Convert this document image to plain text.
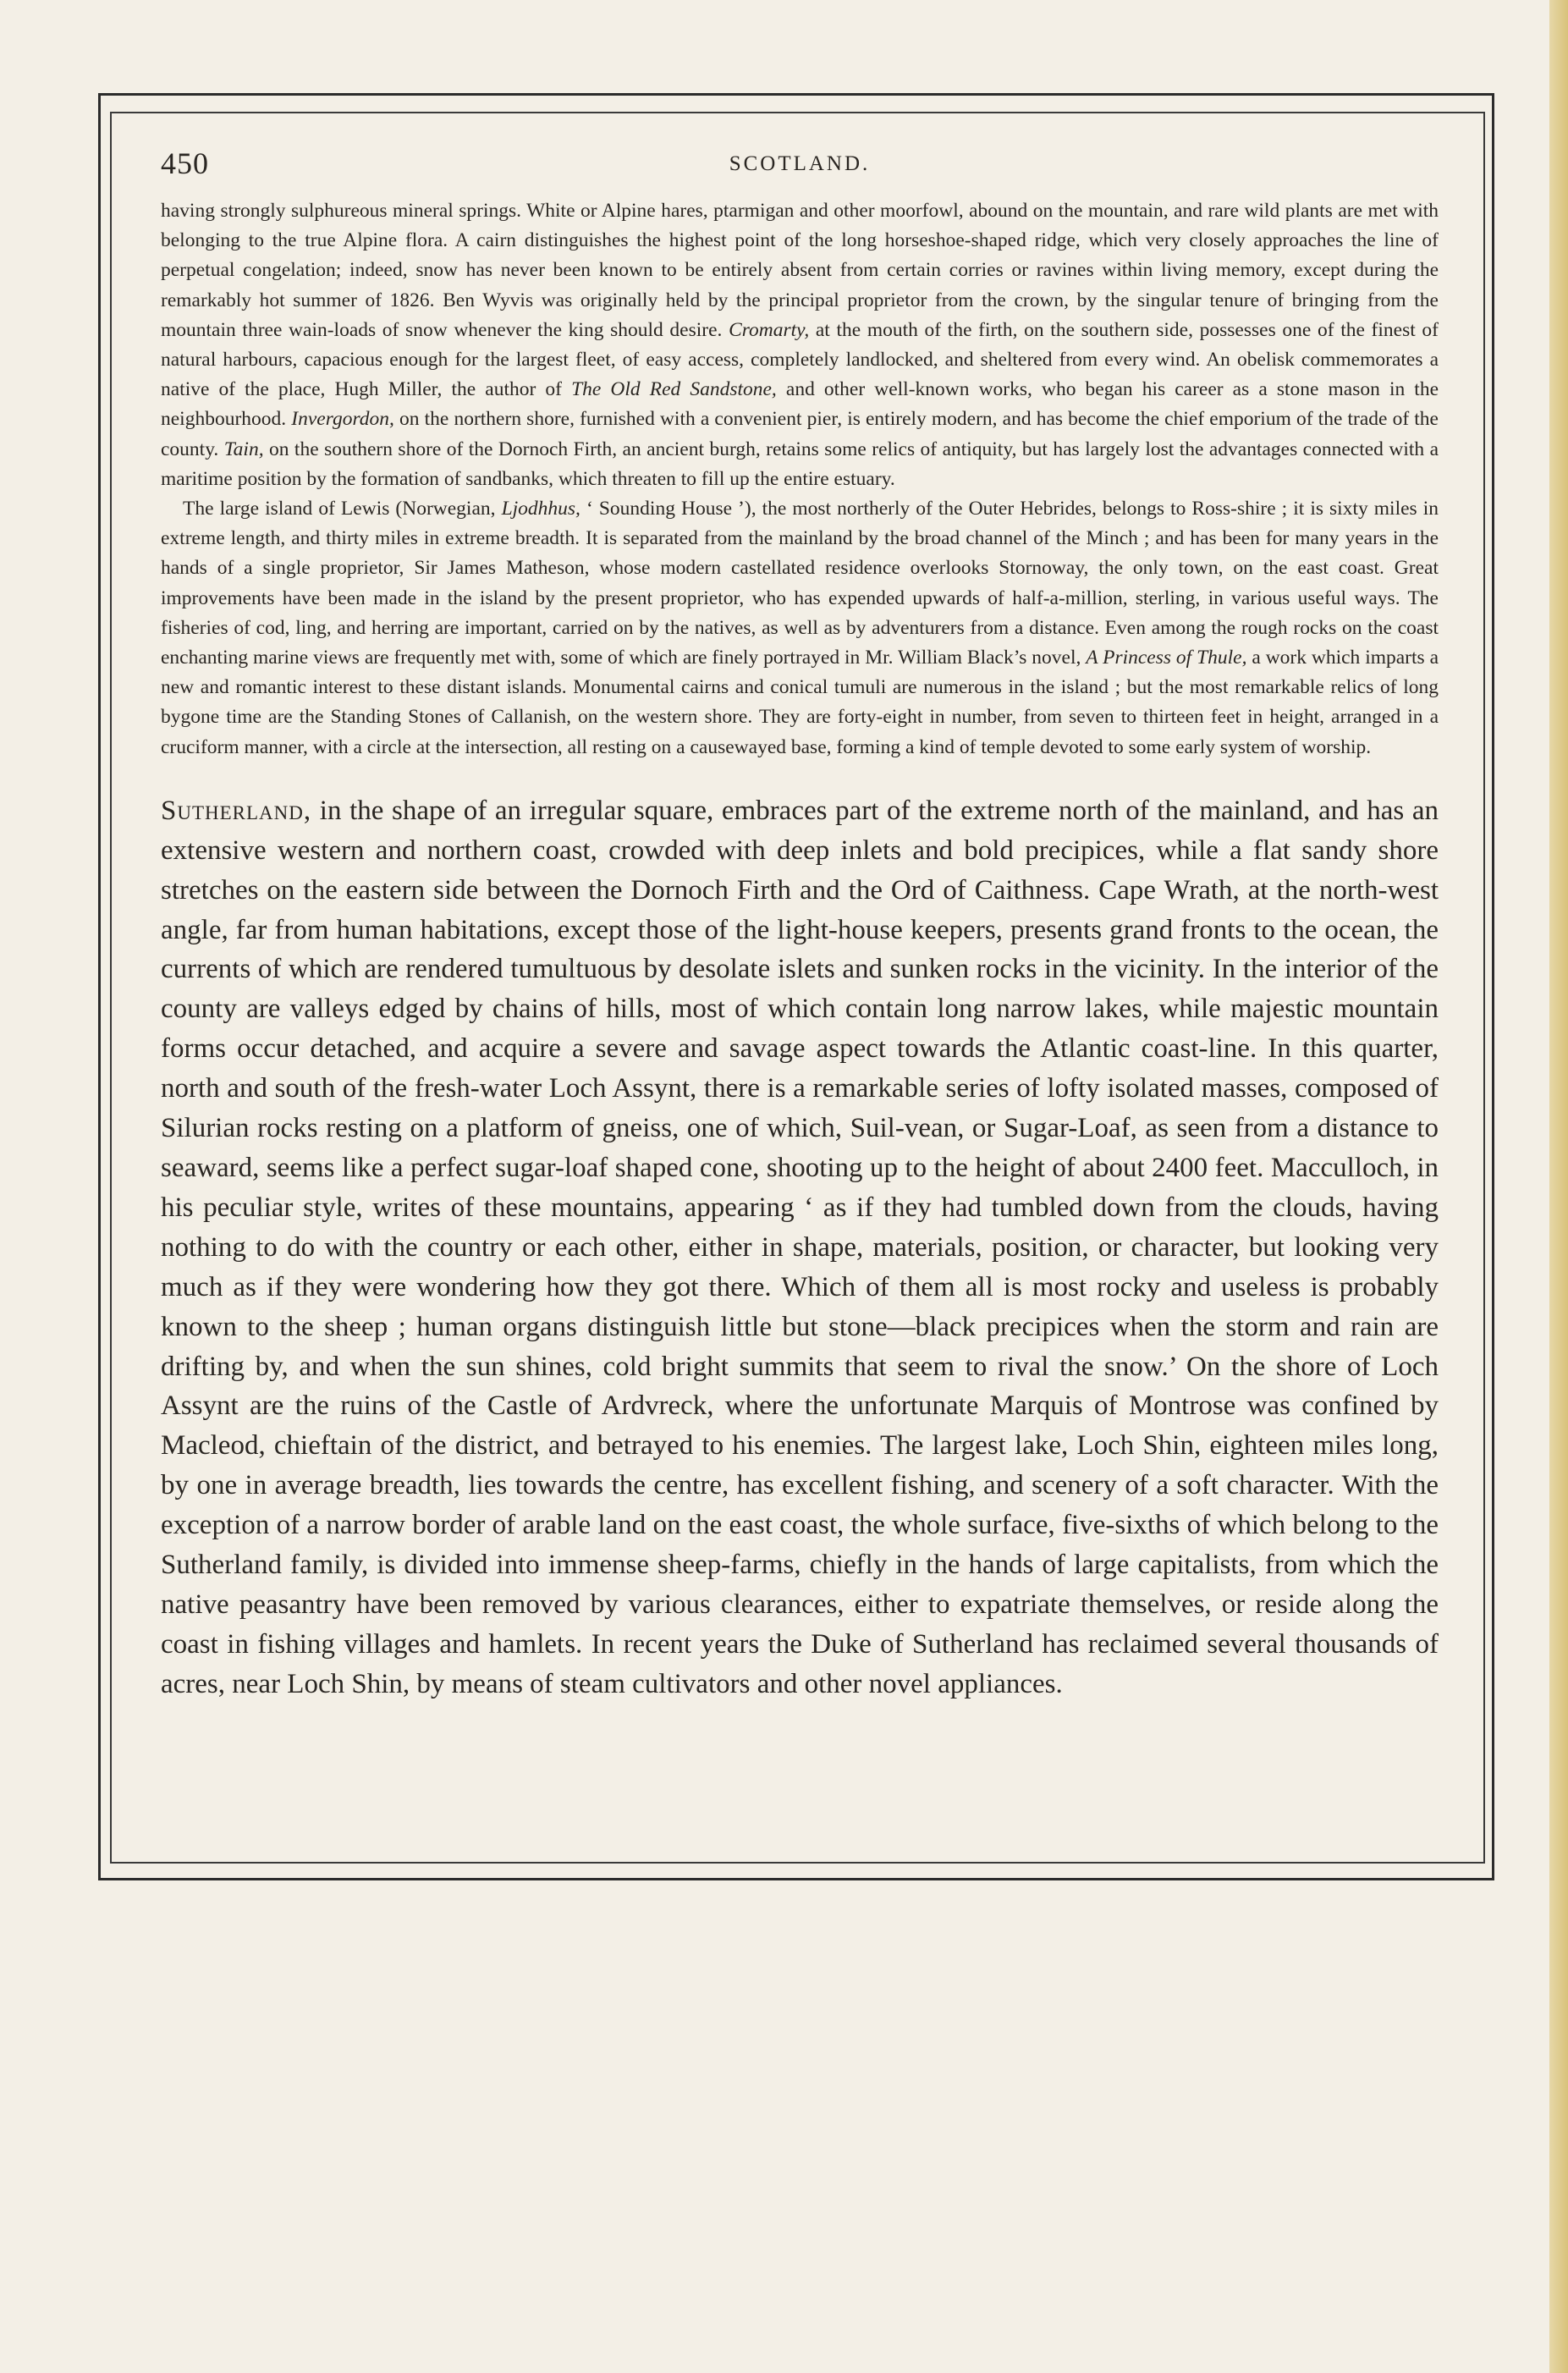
450	SCOTLAND.

having strongly sulphureous mineral springs. White or Alpine hares, ptarmigan and other moorfowl, abound on the mountain, and rare wild plants are met with belonging to the true Alpine flora. A cairn distinguishes the highest point of the long horseshoe-shaped ridge, which very closely approaches the line of perpetual congelation; indeed, snow has never been known to be entirely absent from certain corries or ravines within living memory, except during the remarkably hot summer of 1826. Ben Wyvis was originally held by the principal proprietor from the crown, by the singular tenure of bringing from the mountain three wain-loads of snow whenever the king should desire. Cromarty, at the mouth of the firth, on the southern side, possesses one of the finest of natural harbours, capacious enough for the largest fleet, of easy access, completely landlocked, and sheltered from every wind. An obelisk commemorates a native of the place, Hugh Miller, the author of The Old Red Sandstone, and other well-known works, who began his career as a stone mason in the neighbourhood. Invergordon, on the northern shore, furnished with a convenient pier, is entirely modern, and has become the chief emporium of the trade of the county. Tain, on the southern shore of the Dornoch Firth, an ancient burgh, retains some relics of antiquity, but has largely lost the advantages connected with a maritime position by the formation of sandbanks, which threaten to fill up the entire estuary.

The large island of Lewis (Norwegian, Ljodhhus, ‘ Sounding House ’), the most northerly of the Outer Hebrides, belongs to Ross-shire ; it is sixty miles in extreme length, and thirty miles in extreme breadth. It is separated from the mainland by the broad channel of the Minch ; and has been for many years in the hands of a single proprietor, Sir James Matheson, whose modern castellated residence overlooks Stornoway, the only town, on the east coast. Great improvements have been made in the island by the present proprietor, who has expended upwards of half-a-million, sterling, in various useful ways. The fisheries of cod, ling, and herring are important, carried on by the natives, as well as by adventurers from a distance. Even among the rough rocks on the coast enchanting marine views are frequently met with, some of which are finely portrayed in Mr. William Black’s novel, A Princess of Thule, a work which imparts a new and romantic interest to these distant islands. Monumental cairns and conical tumuli are numerous in the island ; but the most remarkable relics of long bygone time are the Standing Stones of Callanish, on the western shore. They are forty-eight in number, from seven to thirteen feet in height, arranged in a cruciform manner, with a circle at the intersection, all resting on a causewayed base, forming a kind of temple devoted to some early system of worship.

Sutherland, in the shape of an irregular square, embraces part of the extreme north of the mainland, and has an extensive western and northern coast, crowded with deep inlets and bold precipices, while a flat sandy shore stretches on the eastern side between the Dornoch Firth and the Ord of Caithness. Cape Wrath, at the north-west angle, far from human habitations, except those of the light-house keepers, presents grand fronts to the ocean, the currents of which are rendered tumultuous by desolate islets and sunken rocks in the vicinity. In the interior of the county are valleys edged by chains of hills, most of which contain long narrow lakes, while majestic mountain forms occur detached, and acquire a severe and savage aspect towards the Atlantic coast-line. In this quarter, north and south of the fresh-water Loch Assynt, there is a remarkable series of lofty isolated masses, composed of Silurian rocks resting on a platform of gneiss, one of which, Suil-vean, or Sugar-Loaf, as seen from a distance to seaward, seems like a perfect sugar-loaf shaped cone, shooting up to the height of about 2400 feet. Macculloch, in his peculiar style, writes of these mountains, appearing ‘ as if they had tumbled down from the clouds, having nothing to do with the country or each other, either in shape, materials, position, or character, but looking very much as if they were wondering how they got there. Which of them all is most rocky and useless is probably known to the sheep ; human organs distinguish little but stone—black precipices when the storm and rain are drifting by, and when the sun shines, cold bright summits that seem to rival the snow.’ On the shore of Loch Assynt are the ruins of the Castle of Ardvreck, where the unfortunate Marquis of Montrose was confined by Macleod, chieftain of the district, and betrayed to his enemies. The largest lake, Loch Shin, eighteen miles long, by one in average breadth, lies towards the centre, has excellent fishing, and scenery of a soft character. With the exception of a narrow border of arable land on the east coast, the whole surface, five-sixths of which belong to the Sutherland family, is divided into immense sheep-farms, chiefly in the hands of large capitalists, from which the native peasantry have been removed by various clearances, either to expatriate themselves, or reside along the coast in fishing villages and hamlets. In recent years the Duke of Sutherland has reclaimed several thousands of acres, near Loch Shin, by means of steam cultivators and other novel appliances.
